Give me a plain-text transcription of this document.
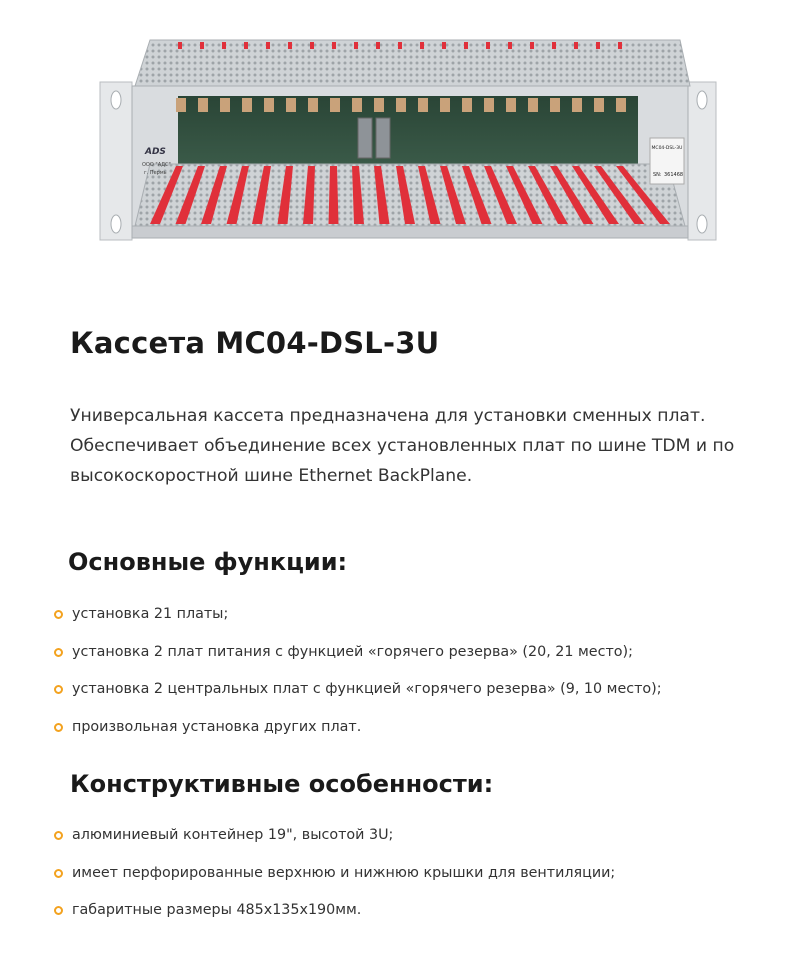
МС04-DSL-3U
SN: 361468
ADS
ООО "АДС"
г. Пермь
Кассета МС04-DSL-3U

Универсальная кассета предназначена для установки сменных плат. Обеспечивает объединение всех установленных плат по шине TDM и по высокоскоростной шине Ethernet BackPlane.

Основные функции:
установка 21 платы;
установка 2 плат питания с функцией «горячего резерва» (20, 21 место);
установка 2 центральных плат с функцией «горячего резерва» (9, 10 место);
произвольная установка других плат.
Конструктивные особенности:
алюминиевый контейнер 19", высотой 3U;
имеет перфорированные верхнюю и нижнюю крышки для вентиляции;
габаритные размеры 485х135х190мм.
